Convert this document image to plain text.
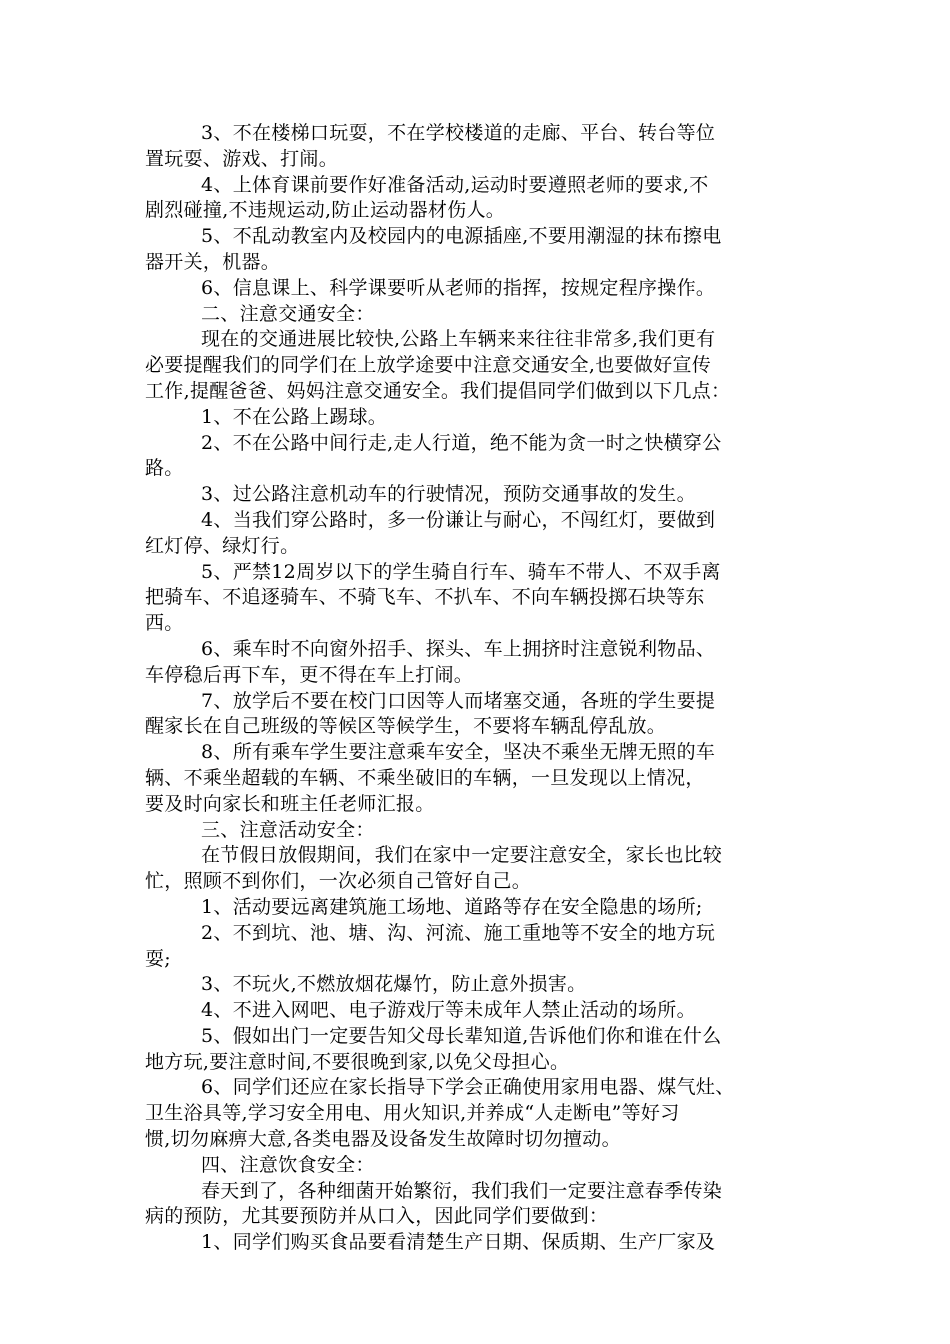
3、不在楼梯口玩耍，不在学校楼道的走廊、平台、转台等位
置玩耍、游戏、打闹。
4、上体育课前要作好准备活动,运动时要遵照老师的要求,不
剧烈碰撞,不违规运动,防止运动器材伤人。
5、不乱动教室内及校园内的电源插座,不要用潮湿的抹布擦电
器开关，机器。
6、信息课上、科学课要听从老师的指挥，按规定程序操作。
二、注意交通安全：
现在的交通进展比较快,公路上车辆来来往往非常多,我们更有
必要提醒我们的同学们在上放学途要中注意交通安全,也要做好宣传
工作,提醒爸爸、妈妈注意交通安全。我们提倡同学们做到以下几点：
1、不在公路上踢球。
2、不在公路中间行走,走人行道，绝不能为贪一时之快横穿公
路。
3、过公路注意机动车的行驶情况，预防交通事故的发生。
4、当我们穿公路时，多一份谦让与耐心，不闯红灯，要做到
红灯停、绿灯行。
5、严禁12周岁以下的学生骑自行车、骑车不带人、不双手离
把骑车、不追逐骑车、不骑飞车、不扒车、不向车辆投掷石块等东
西。
6、乘车时不向窗外招手、探头、车上拥挤时注意锐利物品、
车停稳后再下车，更不得在车上打闹。
7、放学后不要在校门口因等人而堵塞交通，各班的学生要提
醒家长在自己班级的等候区等候学生，不要将车辆乱停乱放。
8、所有乘车学生要注意乘车安全，坚决不乘坐无牌无照的车
辆、不乘坐超载的车辆、不乘坐破旧的车辆，一旦发现以上情况，
要及时向家长和班主任老师汇报。
三、注意活动安全：
在节假日放假期间，我们在家中一定要注意安全，家长也比较
忙，照顾不到你们，一次必须自己管好自己。
1、活动要远离建筑施工场地、道路等存在安全隐患的场所;
2、不到坑、池、塘、沟、河流、施工重地等不安全的地方玩
耍;
3、不玩火,不燃放烟花爆竹，防止意外损害。
4、不进入网吧、电子游戏厅等未成年人禁止活动的场所。
5、假如出门一定要告知父母长辈知道,告诉他们你和谁在什么
地方玩,要注意时间,不要很晚到家,以免父母担心。
6、同学们还应在家长指导下学会正确使用家用电器、煤气灶、
卫生浴具等,学习安全用电、用火知识,并养成“人走断电”等好习
惯,切勿麻痹大意,各类电器及设备发生故障时切勿擅动。
四、注意饮食安全：
春天到了，各种细菌开始繁衍，我们我们一定要注意春季传染
病的预防，尤其要预防并从口入，因此同学们要做到：
1、同学们购买食品要看清楚生产日期、保质期、生产厂家及
